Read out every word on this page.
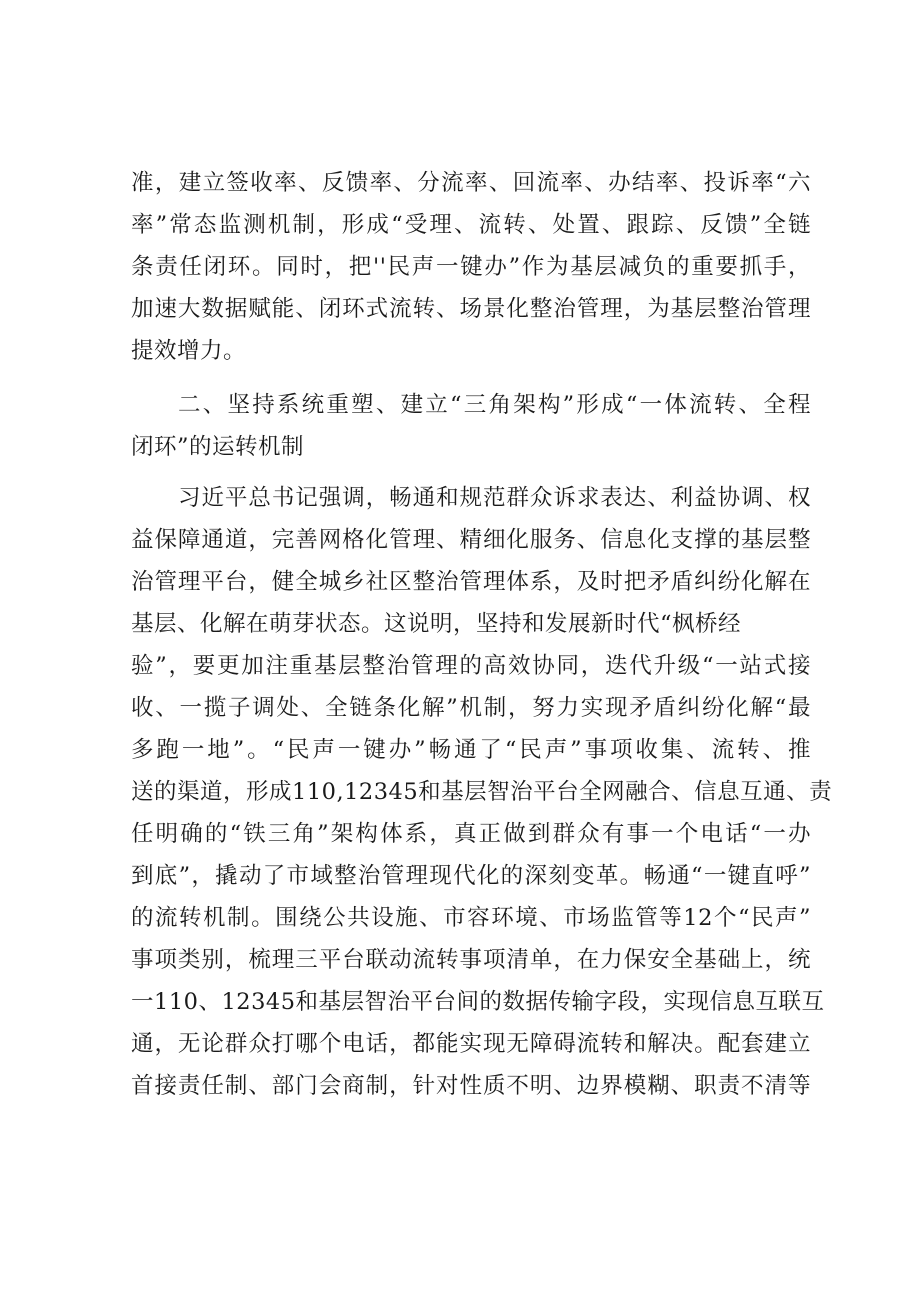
准，建立签收率、反馈率、分流率、回流率、办结率、投诉率“六
率”常态监测机制，形成“受理、流转、处置、跟踪、反馈”全链
条责任闭环。同时，把''民声一键办”作为基层减负的重要抓手，
加速大数据赋能、闭环式流转、场景化整治管理，为基层整治管理
提效增力。
二、坚持系统重塑、建立“三角架构”形成“一体流转、全程
闭环”的运转机制
习近平总书记强调，畅通和规范群众诉求表达、利益协调、权
益保障通道，完善网格化管理、精细化服务、信息化支撑的基层整
治管理平台，健全城乡社区整治管理体系，及时把矛盾纠纷化解在
基层、化解在萌芽状态。这说明，坚持和发展新时代“枫桥经
验”，要更加注重基层整治管理的高效协同，迭代升级“一站式接
收、一揽子调处、全链条化解”机制，努力实现矛盾纠纷化解“最
多跑一地”。“民声一键办”畅通了“民声”事项收集、流转、推
送的渠道，形成110,12345和基层智治平台全网融合、信息互通、责
任明确的“铁三角”架构体系，真正做到群众有事一个电话“一办
到底”，撬动了市域整治管理现代化的深刻变革。畅通“一键直呼”
的流转机制。围绕公共设施、市容环境、市场监管等12个“民声”
事项类别，梳理三平台联动流转事项清单，在力保安全基础上，统
一110、12345和基层智治平台间的数据传输字段，实现信息互联互
通，无论群众打哪个电话，都能实现无障碍流转和解决。配套建立
首接责任制、部门会商制，针对性质不明、边界模糊、职责不清等
